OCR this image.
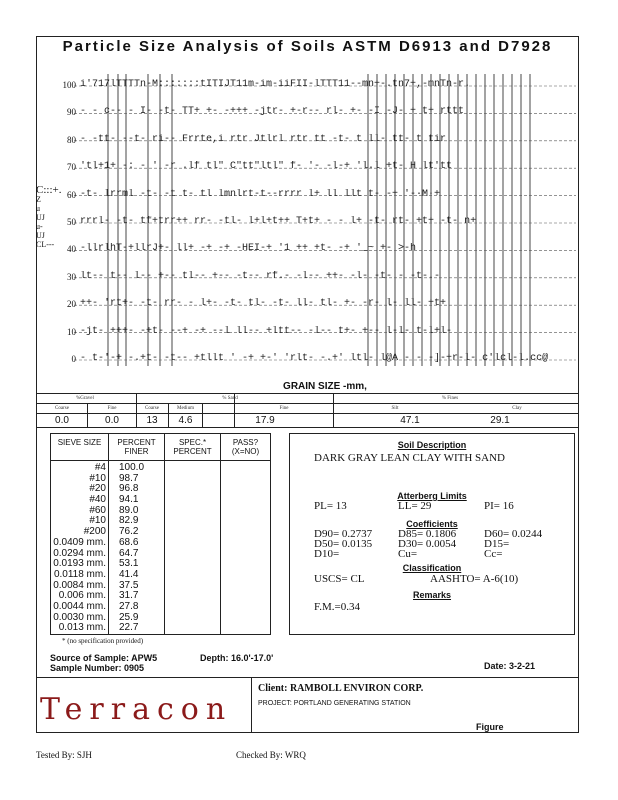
Particle Size Analysis of Soils ASTM D6913 and D7928
100
90
80
70
60
50
40
30
20
10
0
i'717lTTTTn-M:::::::tITIJT11m-im-iiFII-lTTT11--mn+-.tn7+,-mnTn-r.
- - c-- - I- -t- TT+ +- -+++ -jtr- +-r-- rl- +- -I -J- + t+ rttt
- -tt- --t- ri-- Frrte,i rtr Jtlrl rtr tt -t- t ll- tt- t tir
'tl+1+ -: - ' -r .lf tl" C"tt"ltl" f- '- -l-+ 'l.l +t- H lt'tt
-t- lrrml -t- -t t- tl lmnlrt-t--rrrr l+ ll llt t- -+ '-·M·+
rrrl- -t- tf+trr++ rr- -tl- l+l+t++ T+t+ - - l+ -t- rt- +t+ -t- n+
-llrlhT-+llrJ+- ll+ -+ -+ -HEI-+ '1 ++ +t- -+ '_~ +- >-h
lt-- t-- l-- +-- tl-- +-- -t-- rf.- -l-- ++- -l- -t- - -t-.-
++- 'rt+- -t- rr- - l+- -t- tl- -t- ll- tl- +- -r- l- ll- +t+
-jt- +++- -+t- --+ -+ --l ll-- +ltt-- -l-- t+- +-- l-l- t-l+l-
- t-'-+ -.+t- -t-- +tllt ' -+ +-' 'rlt- -.+' ltl- l@A - - -]-+r-l- c'lcl-l.cc@
C:::+.
Z
u
UJ
u-
UJ
CL---
GRAIN SIZE -mm,
%Gravel	% Sand	% Fines
Coarse	Fine	Coarse	Medium	Fine	Silt	Clay
0.0	0.0	13	4.6	17.9	47.1	29.1
SIEVE SIZE	PERCENT FINER
SPEC.* PERCENT
PASS? (X=NO)
#4 100.0
#10 98.7
#20 96.8
#40 94.1
#60 89.0
#10 82.9
#200 76.2
0.0409 mm. 68.6
0.0294 mm. 64.7
0.0193 mm. 53.1
0.0118 mm. 41.4
0.0084 mm. 37.5
0.006 mm. 31.7
0.0044 mm. 27.8
0.0030 mm. 25.9
0.013 mm. 22.7
* (no specification provided)
Soil Description
DARK GRAY LEAN CLAY WITH SAND
Atterberg Limits
PL= 13	LL= 29	PI= 16
Coefficients
D90= 0.2737 D85= 0.1806	D60= 0.0244
D50= 0.0135 D30= 0.0054	D15=
D10=	Cu=	Cc=
Classification
USCS= CL	AASHTO= A-6(10)
Remarks
F.M.=0.34
Source of Sample: APW5	Depth: 16.0'-17.0'
Sample Number: 0905	Date: 3-2-21
Terracon
Client: RAMBOLL ENVIRON CORP.
PROJECT: PORTLAND GENERATING STATION
Figure
Tested By: SJH	Checked By: WRQ
